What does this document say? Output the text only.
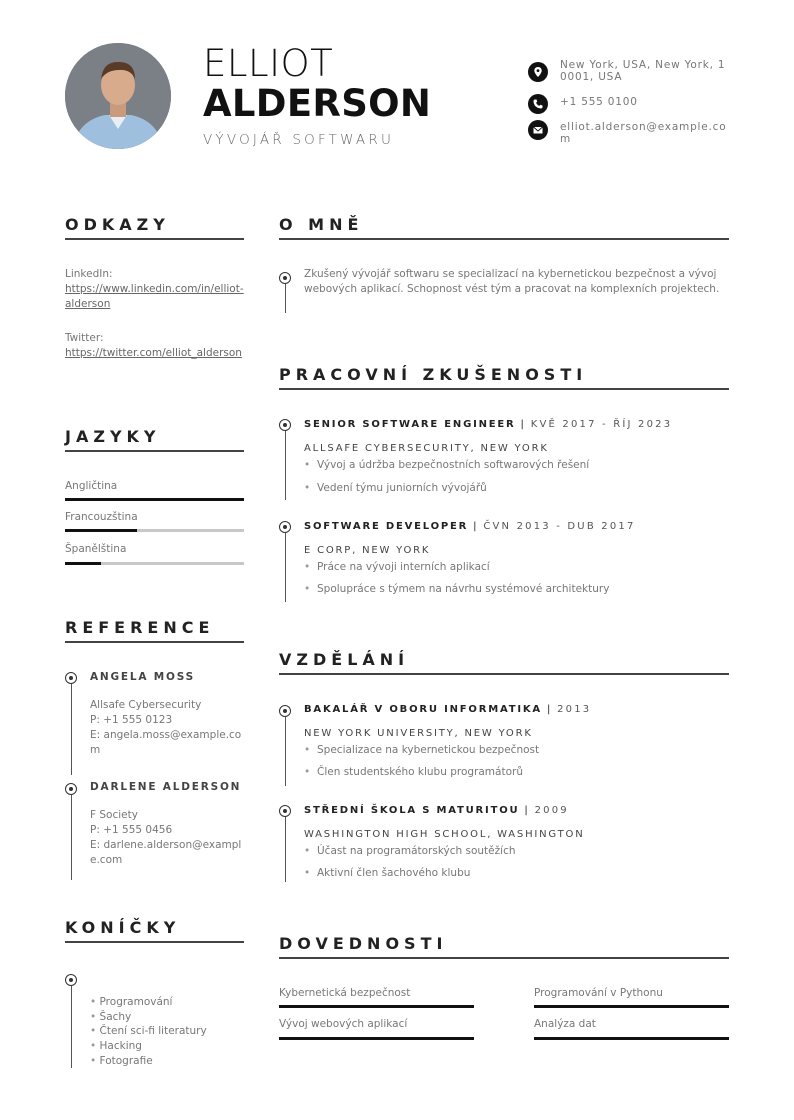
ELLIOT
ALDERSON
VÝVOJÁŘ SOFTWARU
New York, USA, New York, 10001, USA
+1 555 0100
elliot.alderson@example.com
ODKAZY
LinkedIn:
https://www.linkedin.com/in/elliot-alderson
Twitter:
https://twitter.com/elliot_alderson
JAZYKY
Angličtina
Francouzština
Španělština
REFERENCE
ANGELA MOSS
Allsafe Cybersecurity
P: +1 555 0123
E: angela.moss@example.com
DARLENE ALDERSON
F Society
P: +1 555 0456
E: darlene.alderson@example.com
KONÍČKY
• Programování
• Šachy
• Čtení sci-fi literatury
• Hacking
• Fotografie
O MNĚ
Zkušený vývojář softwaru se specializací na kybernetickou bezpečnost a vývoj webových aplikací. Schopnost vést tým a pracovat na komplexních projektech.
PRACOVNÍ ZKUŠENOSTI
SENIOR SOFTWARE ENGINEER | KVĚ 2017 - ŘÍJ 2023
ALLSAFE CYBERSECURITY, NEW YORK
• Vývoj a údržba bezpečnostních softwarových řešení
• Vedení týmu juniorních vývojářů
SOFTWARE DEVELOPER | ČVN 2013 - DUB 2017
E CORP, NEW YORK
• Práce na vývoji interních aplikací
• Spolupráce s týmem na návrhu systémové architektury
VZDĚLÁNÍ
BAKALÁŘ V OBORU INFORMATIKA | 2013
NEW YORK UNIVERSITY, NEW YORK
• Specializace na kybernetickou bezpečnost
• Člen studentského klubu programátorů
STŘEDNÍ ŠKOLA S MATURITOU | 2009
WASHINGTON HIGH SCHOOL, WASHINGTON
• Účast na programátorských soutěžích
• Aktivní člen šachového klubu
DOVEDNOSTI
Kybernetická bezpečnost	Programování v Pythonu
Vývoj webových aplikací	Analýza dat
